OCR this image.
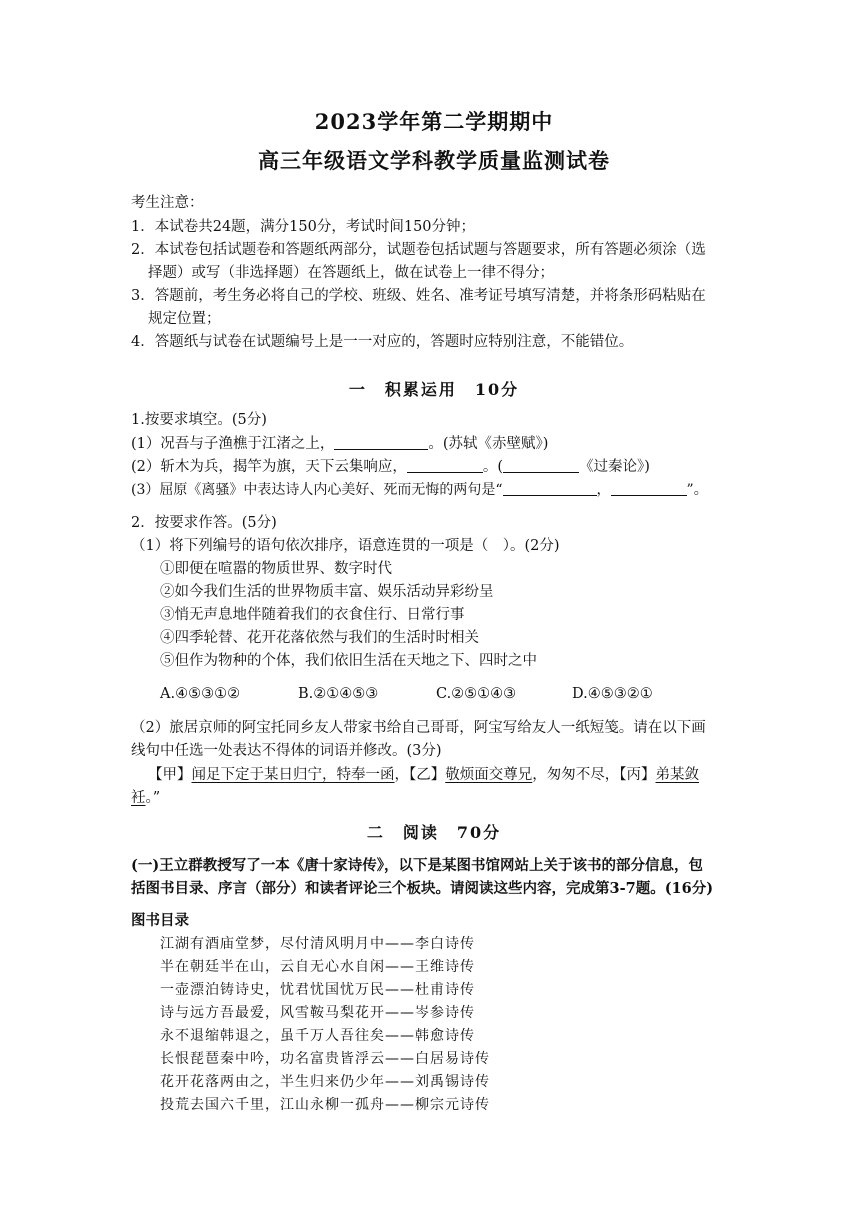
2023学年第二学期期中
高三年级语文学科教学质量监测试卷
考生注意：
1．本试卷共24题，满分150分，考试时间150分钟；
2．本试卷包括试题卷和答题纸两部分，试题卷包括试题与答题要求，所有答题必须涂（选
择题）或写（非选择题）在答题纸上，做在试卷上一律不得分；
3．答题前，考生务必将自己的学校、班级、姓名、准考证号填写清楚，并将条形码粘贴在
规定位置；
4．答题纸与试卷在试题编号上是一一对应的，答题时应特别注意，不能错位。
一　积累运用　10分
1.按要求填空。(5分)
(1）况吾与子渔樵于江渚之上，	。(苏轼《赤壁赋》)
(2）斩木为兵，揭竿为旗，天下云集响应，	。(	《过秦论》)
(3）屈原《离骚》中表达诗人内心美好、死而无悔的两句是“	，	”。
2．按要求作答。(5分)
（1）将下列编号的语句依次排序，语意连贯的一项是（　）。(2分)
①即便在喧嚣的物质世界、数字时代
②如今我们生活的世界物质丰富、娱乐活动异彩纷呈
③悄无声息地伴随着我们的衣食住行、日常行事
④四季轮替、花开花落依然与我们的生活时时相关
⑤但作为物种的个体，我们依旧生活在天地之下、四时之中
A.④⑤③①②	B.②①④⑤③	C.②⑤①④③	D.④⑤③②①
（2）旅居京师的阿宝托同乡友人带家书给自己哥哥，阿宝写给友人一纸短笺。请在以下画
线句中任选一处表达不得体的词语并修改。(3分)
【甲】闻足下定于某日归宁，特奉一函，【乙】敬烦面交尊兄，匆匆不尽，【丙】弟某敛
衽。”
二　阅读　70分
(一)王立群教授写了一本《唐十家诗传》，以下是某图书馆网站上关于该书的部分信息，包
括图书目录、序言（部分）和读者评论三个板块。请阅读这些内容，完成第3-7题。(16分)
图书目录
江湖有酒庙堂梦，尽付清风明月中——李白诗传
半在朝廷半在山，云自无心水自闲——王维诗传
一壶漂泊铸诗史，忧君忧国忧万民——杜甫诗传
诗与远方吾最爱，风雪鞍马梨花开——岑参诗传
永不退缩韩退之，虽千万人吾往矣——韩愈诗传
长恨琵琶秦中吟，功名富贵皆浮云——白居易诗传
花开花落两由之，半生归来仍少年——刘禹锡诗传
投荒去国六千里，江山永柳一孤舟——柳宗元诗传
